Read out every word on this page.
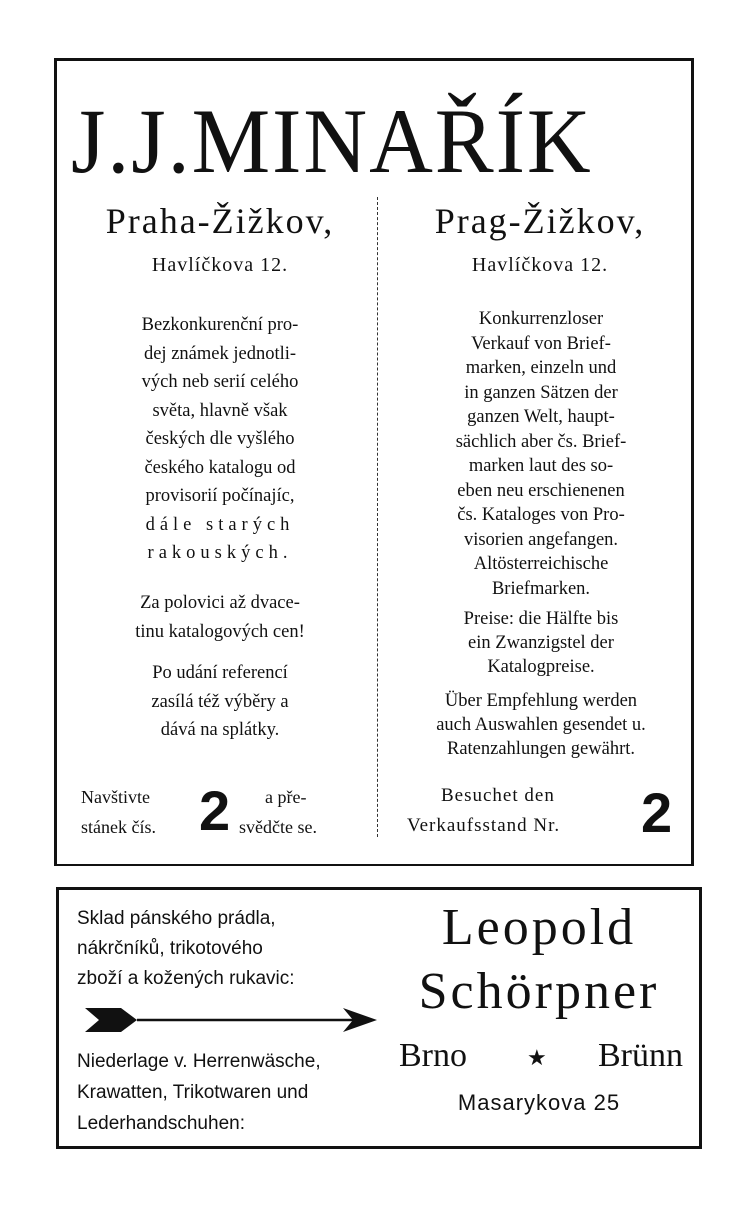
J.J.MINAŘÍK
Praha-Žižkov,
Havlíčkova 12.
Prag-Žižkov,
Havlíčkova 12.
Bezkonkurenční pro-
dej známek jednotli-
vých neb serií celého
světa, hlavně však
českých dle vyšlého
českého katalogu od
provisorií počínajíc,
dále starých
rakouských.
Za polovici až dvace-
tinu katalogových cen!
Po udání referencí
zasílá též výběry a
dává na splátky.
Konkurrenzloser
Verkauf von Brief-
marken, einzeln und
in ganzen Sätzen der
ganzen Welt, haupt-
sächlich aber čs. Brief-
marken laut des so-
eben neu erschienenen
čs. Kataloges von Pro-
visorien angefangen.
Altösterreichische
Briefmarken.
Preise: die Hälfte bis
ein Zwanzigstel der
Katalogpreise.
Über Empfehlung werden
auch Auswahlen gesendet u.
Ratenzahlungen gewährt.
Navštivte
stánek čís. 2 a pře-
svědčte se.
Besuchet den
Verkaufsstand Nr. 2
Sklad pánského prádla,
nákrčníků, trikotového
zboží a kožených rukavic:
Niederlage v. Herrenwäsche,
Krawatten, Trikotwaren und
Lederhandschuhen:
Leopold
Schörpner
Brno	★ Brünn
Masarykova 25
